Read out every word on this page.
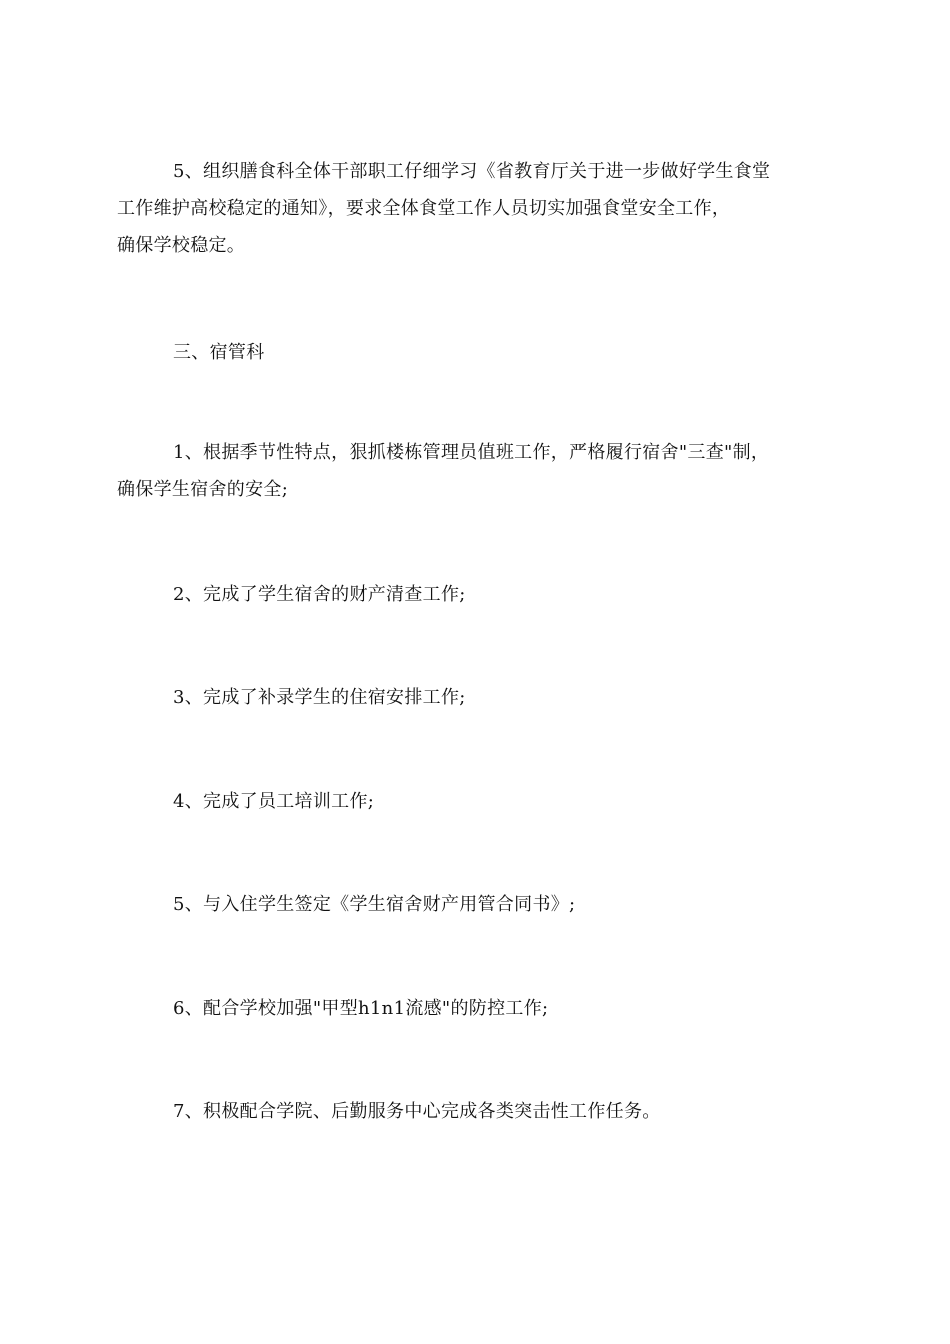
5、组织膳食科全体干部职工仔细学习《省教育厅关于进一步做好学生食堂
工作维护高校稳定的通知》，要求全体食堂工作人员切实加强食堂安全工作，
确保学校稳定。

三、宿管科

1、根据季节性特点，狠抓楼栋管理员值班工作，严格履行宿舍"三查"制，
确保学生宿舍的安全;

2、完成了学生宿舍的财产清查工作;

3、完成了补录学生的住宿安排工作;

4、完成了员工培训工作;

5、与入住学生签定《学生宿舍财产用管合同书》;

6、配合学校加强"甲型h1n1流感"的防控工作;

7、积极配合学院、后勤服务中心完成各类突击性工作任务。
